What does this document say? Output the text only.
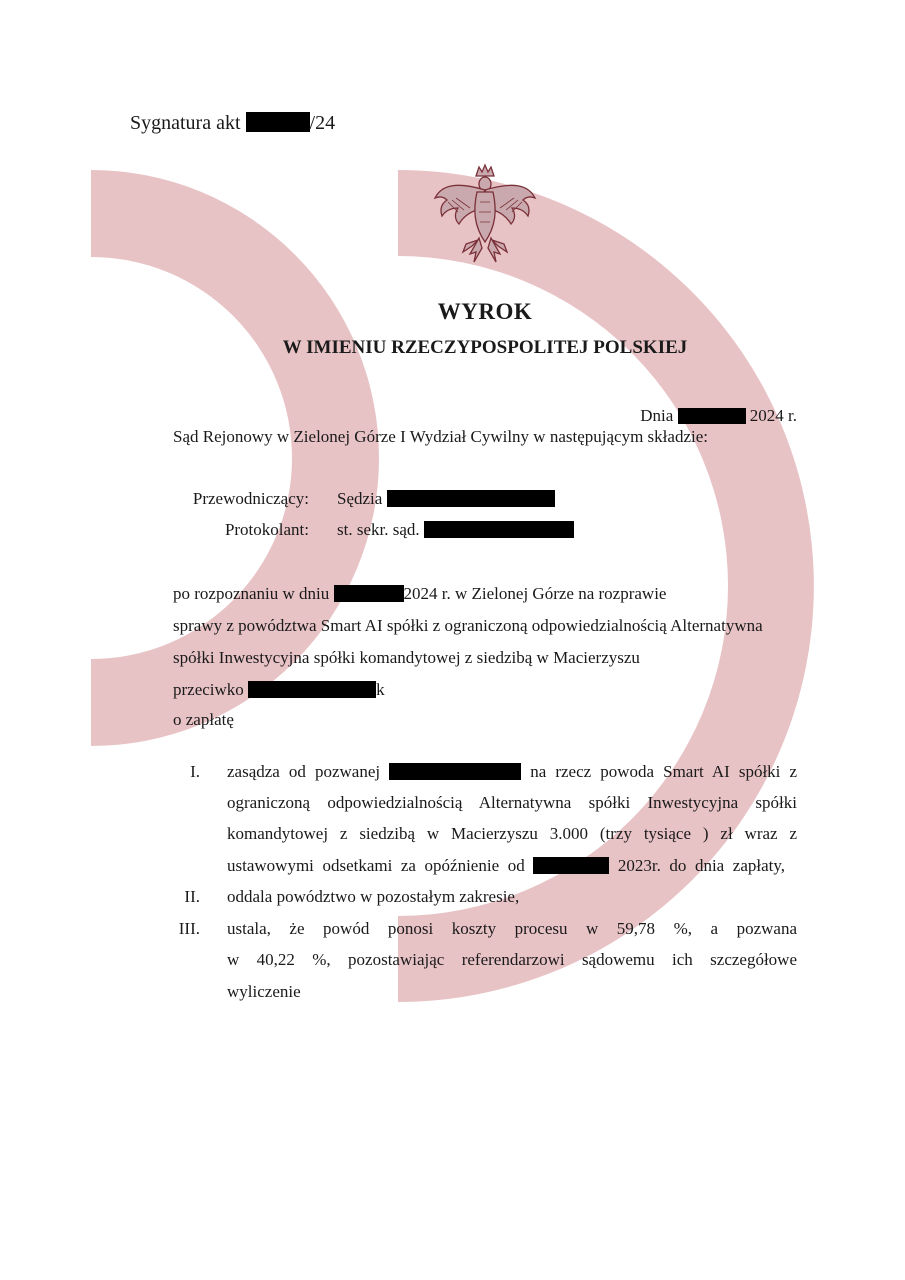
Sygnatura akt	/24
WYROK
W IMIENIU RZECZYPOSPOLITEJ POLSKIEJ
Dnia	2024 r.
Sąd Rejonowy w Zielonej Górze I Wydział Cywilny w następującym składzie:
Przewodniczący: Sędzia
Protokolant: st. sekr. sąd.
po rozpoznaniu w dniu	2024 r. w Zielonej Górze na rozprawie
sprawy z powództwa Smart AI spółki z ograniczoną odpowiedzialnością Alternatywna
spółki Inwestycyjna spółki komandytowej z siedzibą w Macierzyszu
przeciwko	k
o zapłatę
I. zasądza od pozwanej	na rzecz powoda Smart AI spółki z
ograniczoną odpowiedzialnością Alternatywna spółki Inwestycyjna spółki
komandytowej z siedzibą w Macierzyszu 3.000 (trzy tysiące ) zł wraz z
ustawowymi odsetkami za opóźnienie od	2023r. do dnia zapłaty,
II. oddala powództwo w pozostałym zakresie,
III. ustala, że powód ponosi koszty procesu w 59,78 %, a pozwana
w 40,22 %, pozostawiając referendarzowi sądowemu ich szczegółowe
wyliczenie
